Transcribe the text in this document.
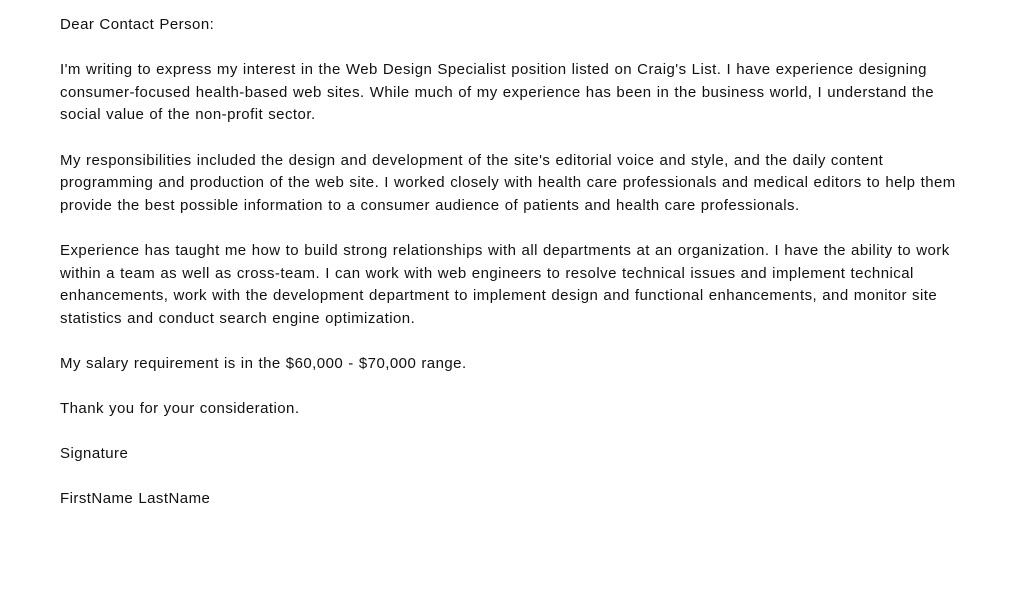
Dear Contact Person:

I'm writing to express my interest in the Web Design Specialist position listed on Craig's List. I have experience designing consumer-focused health-based web sites. While much of my experience has been in the business world, I understand the social value of the non-profit sector.

My responsibilities included the design and development of the site's editorial voice and style, and the daily content programming and production of the web site. I worked closely with health care professionals and medical editors to help them provide the best possible information to a consumer audience of patients and health care professionals.

Experience has taught me how to build strong relationships with all departments at an organization. I have the ability to work within a team as well as cross-team. I can work with web engineers to resolve technical issues and implement technical enhancements, work with the development department to implement design and functional enhancements, and monitor site statistics and conduct search engine optimization.

My salary requirement is in the $60,000 - $70,000 range.

Thank you for your consideration.

Signature

FirstName LastName
